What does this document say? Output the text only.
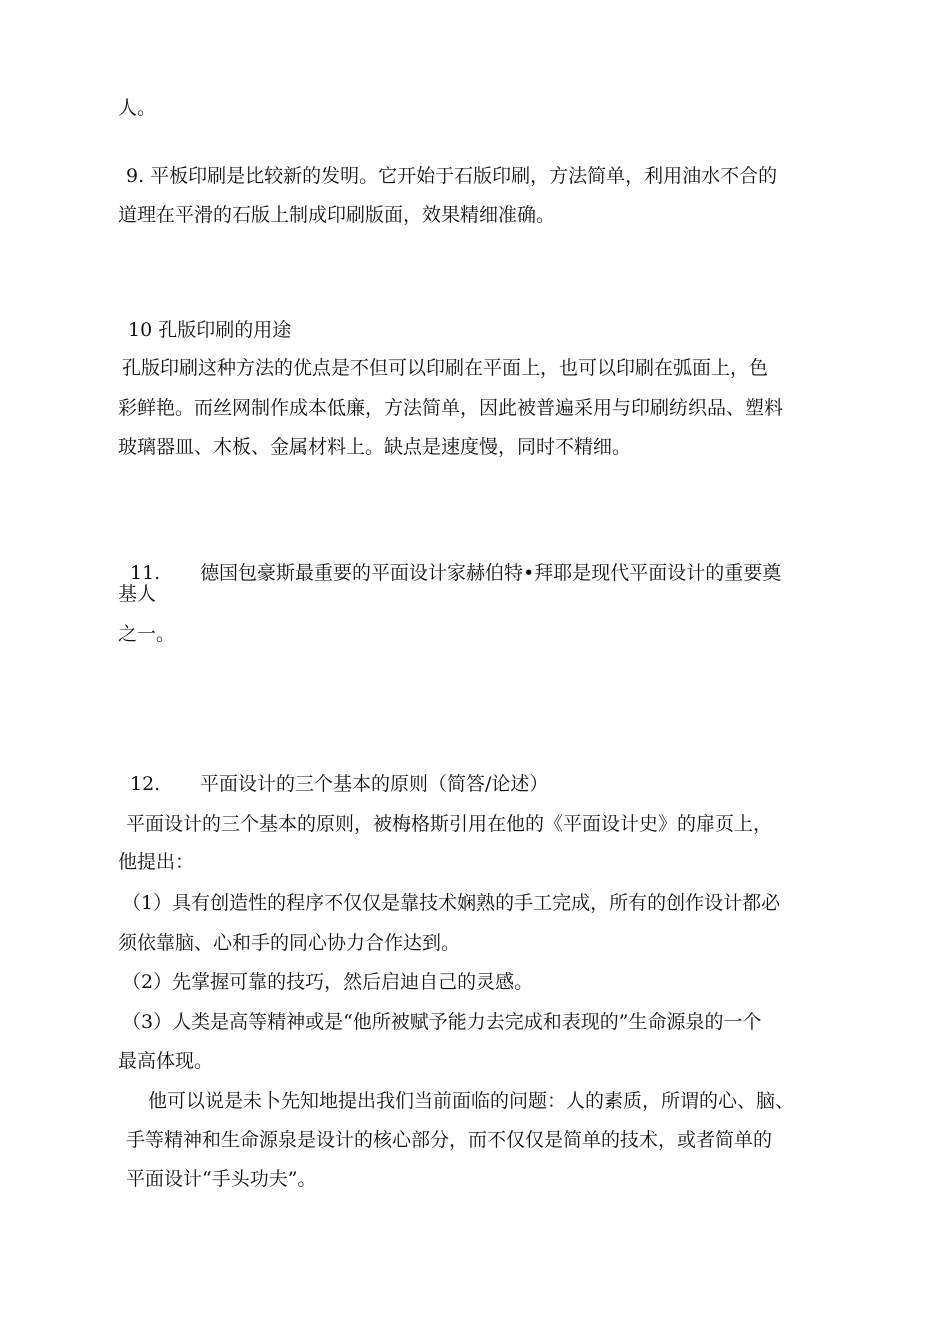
人。
9. 平板印刷是比较新的发明。它开始于石版印刷，方法简单，利用油水不合的
道理在平滑的石版上制成印刷版面，效果精细准确。
10 孔版印刷的用途
孔版印刷这种方法的优点是不但可以印刷在平面上，也可以印刷在弧面上，色
彩鲜艳。而丝网制作成本低廉，方法简单，因此被普遍采用与印刷纺织品、塑料
玻璃器皿、木板、金属材料上。缺点是速度慢，同时不精细。
11. 德国包豪斯最重要的平面设计家赫伯特•拜耶是现代平面设计的重要奠
基人
之一。
12. 平面设计的三个基本的原则（简答/论述）
平面设计的三个基本的原则，被梅格斯引用在他的《平面设计史》的扉页上，
他提出：
（1）具有创造性的程序不仅仅是靠技术娴熟的手工完成，所有的创作设计都必
须依靠脑、心和手的同心协力合作达到。
（2）先掌握可靠的技巧，然后启迪自己的灵感。
（3）人类是高等精神或是“他所被赋予能力去完成和表现的”生命源泉的一个
最高体现。
他可以说是未卜先知地提出我们当前面临的问题：人的素质，所谓的心、脑、
手等精神和生命源泉是设计的核心部分，而不仅仅是简单的技术，或者简单的
平面设计“手头功夫”。
